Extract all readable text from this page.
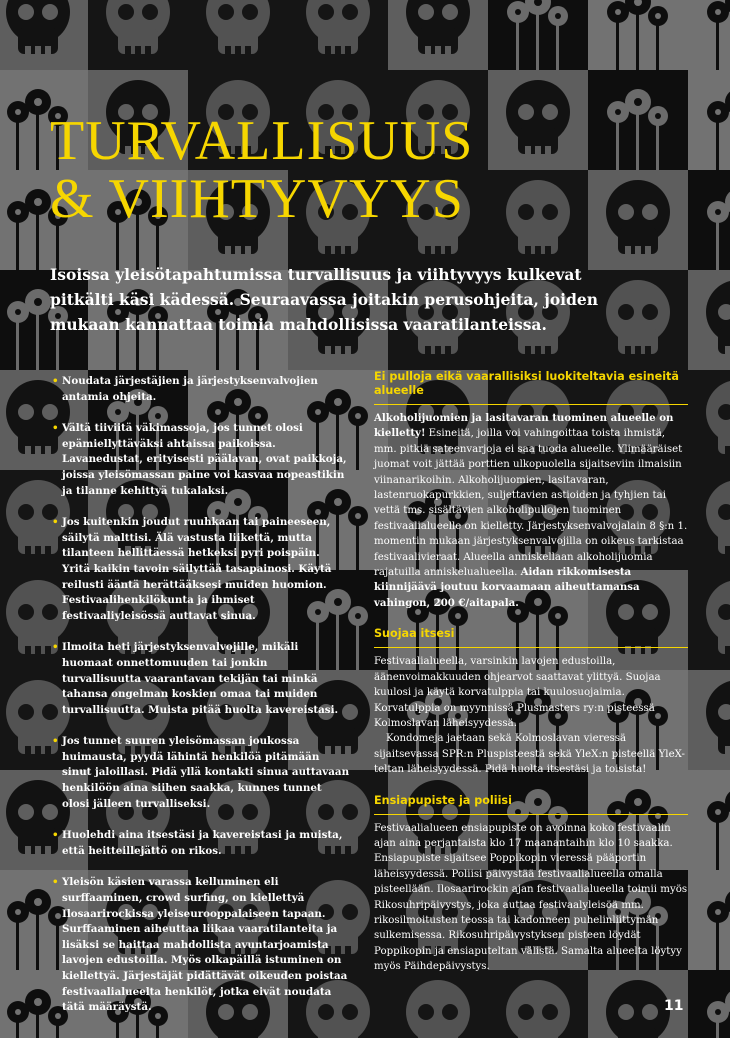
TURVALLISUUS
& VIIHTYVYYS

Isoissa yleisötapahtumissa turvallisuus ja viihtyvyys kulkevat pitkälti käsi kädessä. Seuraavassa joitakin perusohjeita, joiden mukaan kannattaa toimia mahdollisissa vaaratilanteissa.

• Noudata järjestäjien ja järjestyksenvalvojien antamia ohjeita.
• Vältä tiiviitä väkimassoja, jos tunnet olosi epämiellyttäväksi ahtaissa paikoissa. Lavanedustat, erityisesti päälavan, ovat paikkoja, joissa yleisömassan paine voi kasvaa nopeastikin ja tilanne kehittyä tukalaksi.
• Jos kuitenkin joudut ruuhkaan tai paineeseen, säilytä malttisi. Älä vastusta liikettä, mutta tilanteen hellittäessä hetkeksi pyri poispäin. Yritä kaikin tavoin säilyttää tasapainosi. Käytä reilusti ääntä herättääksesi muiden huomion. Festivaalihenkilökunta ja ihmiset festivaaliyleisössä auttavat sinua.
• Ilmoita heti järjestyksenvalvojille, mikäli huomaat onnettomuuden tai jonkin turvallisuutta vaarantavan tekijän tai minkä tahansa ongelman koskien omaa tai muiden turvallisuutta. Muista pitää huolta kavereistasi.
• Jos tunnet suuren yleisömassan joukossa huimausta, pyydä lähintä henkilöä pitämään sinut jaloillasi. Pidä yllä kontakti sinua auttavaan henkilöön aina siihen saakka, kunnes tunnet olosi jälleen turvalliseksi.
• Huolehdi aina itsestäsi ja kavereistasi ja muista, että heitteillejättö on rikos.
• Yleisön käsien varassa kelluminen eli surffaaminen, crowd surfing, on kiellettyä Ilosaarirockissa yleiseurooppalaiseen tapaan. Surffaaminen aiheuttaa liikaa vaaratilanteita ja lisäksi se haittaa mahdollista avuntarjoamista lavojen edustoilla. Myös olkapäillä istuminen on kiellettyä. Järjestäjät pidättävät oikeuden poistaa festivaalialueelta henkilöt, jotka eivät noudata tätä määräystä.
Ei pulloja eikä vaarallisiksi luokiteltavia esineitä alueelle

Alkoholijuomien ja lasitavaran tuominen alueelle on kielletty! Esineitä, joilla voi vahingoittaa toista ihmistä, mm. pitkiä sateenvarjoja ei saa tuoda alueelle. Ylimääräiset juomat voit jättää porttien ulkopuolella sijaitseviin ilmaisiin viinanarikoihin. Alkoholijuomien, lasitavaran, lastenruokapurkkien, suljettavien astioiden ja tyhjien tai vettä tms. sisältävien alkoholipullojen tuominen festivaalialueelle on kielletty. Järjestyksenvalvojalain 8 §:n 1. momentin mukaan järjestyksenvalvojilla on oikeus tarkistaa festivaalivieraat. Alueella anniskellaan alkoholijuomia rajatuilla anniskelualueella. Aidan rikkomisesta kiinnijäävä joutuu korvaamaan aiheuttamansa vahingon, 200 €/aitapala.

Suojaa itsesi

Festivaalialueella, varsinkin lavojen edustoilla, äänenvoimakkuuden ohjearvot saattavat ylittyä. Suojaa kuulosi ja käytä korvatulppia tai kuulosuojaimia. Korvatulppia on myynnissä Plusmasters ry:n pisteessä Kolmoslavan läheisyydessä.

Kondomeja jaetaan sekä Kolmoslavan vieressä sijaitsevassa SPR:n Pluspisteestä sekä YleX:n pisteellä YleX-teltan läheisyydessä. Pidä huolta itsestäsi ja toisista!

Ensiapupiste ja poliisi

Festivaalialueen ensiapupiste on avoinna koko festivaalin ajan aina perjantaista klo 17 maanantaihin klo 10 saakka. Ensiapupiste sijaitsee Poppikopin vieressä pääportin läheisyydessä. Poliisi päivystää festivaalialueella omalla pisteellään. Ilosaarirockin ajan festivaalialueella toimii myös Rikosuhripäivystys, joka auttaa festivaalyleisöä mm. rikosilmoitusten teossa tai kadonneen puhelinliittymän sulkemisessa. Rikosuhripäivystyksen pisteen löydät Poppikopin ja ensiaputeltan välistä. Samalta alueelta löytyy myös Päihdepäivystys.

11
